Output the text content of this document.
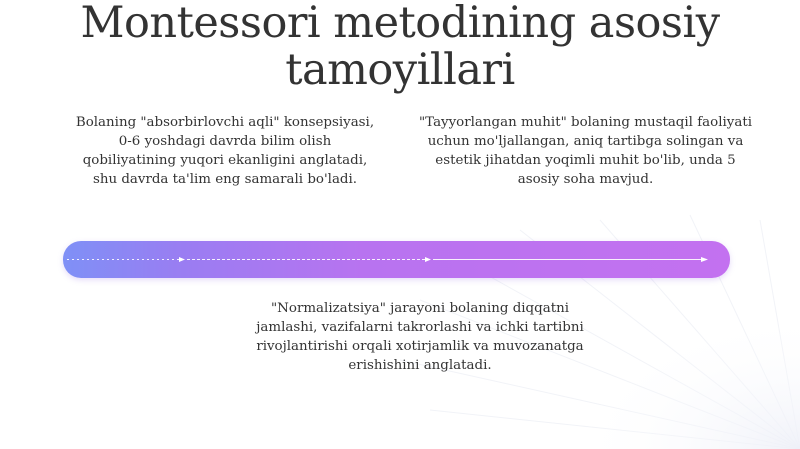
Montessori metodining asosiy tamoyillari

Bolaning "absorbirlovchi aqli" konsepsiyasi, 0-6 yoshdagi davrda bilim olish qobiliyatining yuqori ekanligini anglatadi, shu davrda ta'lim eng samarali bo'ladi.

"Tayyorlangan muhit" bolaning mustaqil faoliyati uchun mo'ljallangan, aniq tartibga solingan va estetik jihatdan yoqimli muhit bo'lib, unda 5 asosiy soha mavjud.

"Normalizatsiya" jarayoni bolaning diqqatni jamlashi, vazifalarni takrorlashi va ichki tartibni rivojlantirishi orqali xotirjamlik va muvozanatga erishishini anglatadi.
